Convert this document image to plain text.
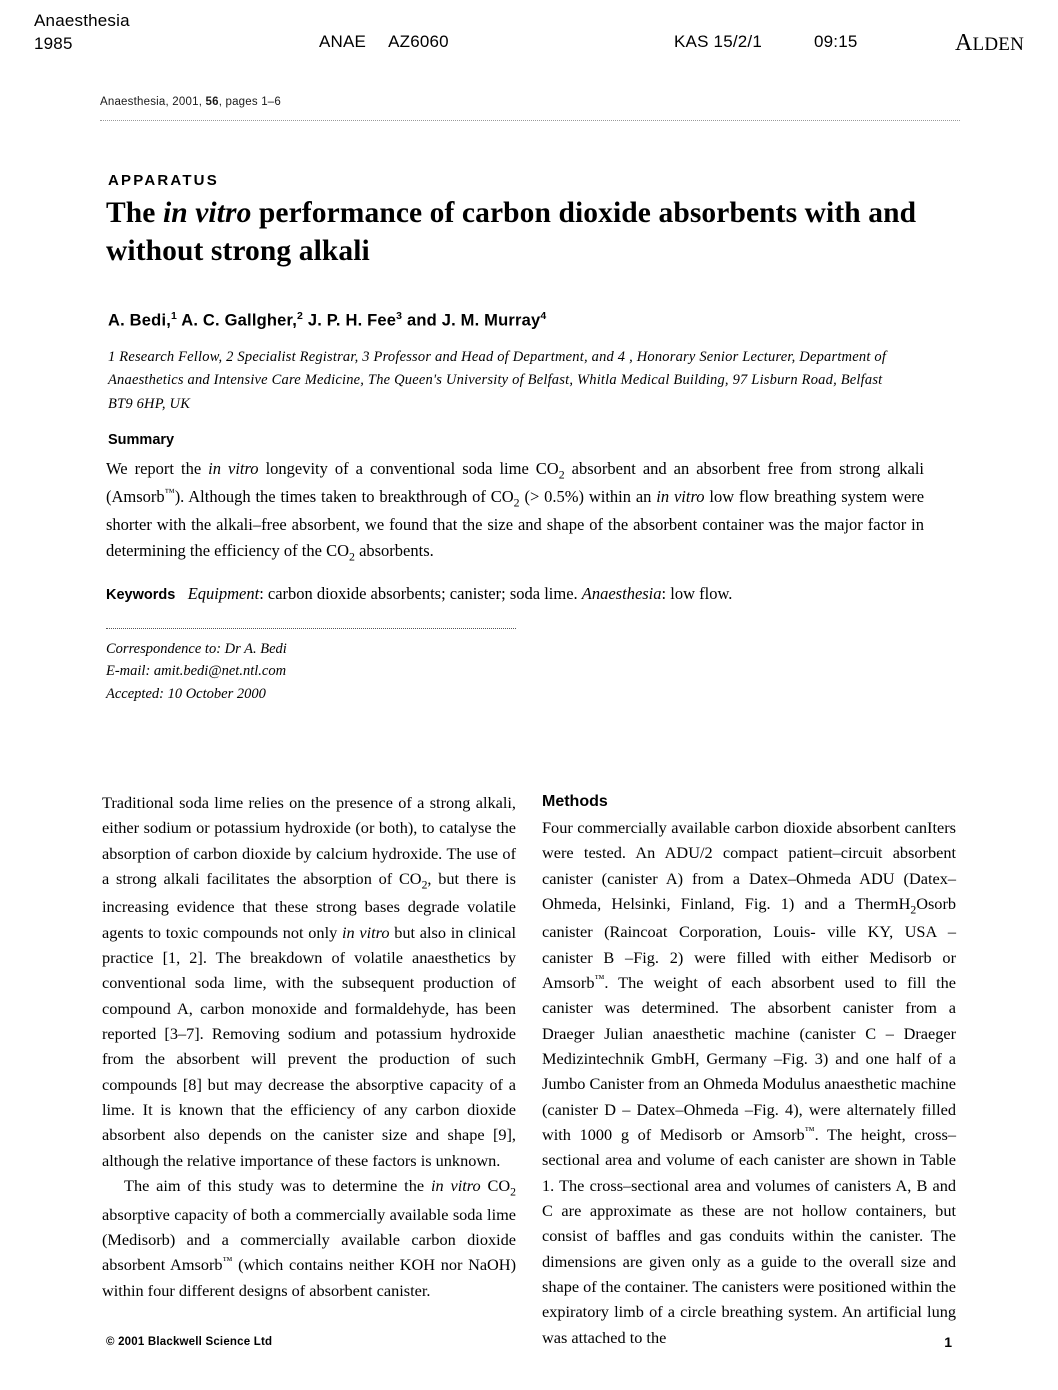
Anaesthesia
1985	ANAE AZ6060	KAS 15/2/1	09:15	ALDEN
Anaesthesia, 2001, 56, pages 1–6
APPARATUS
The in vitro performance of carbon dioxide absorbents with and without strong alkali
A. Bedi,$^1$ A. C. Gallgher,$^2$ J. P. H. Fee$^3$ and J. M. Murray$^4$
1 Research Fellow, 2 Specialist Registrar, 3 Professor and Head of Department, and 4 , Honorary Senior Lecturer, Department of Anaesthetics and Intensive Care Medicine, The Queen's University of Belfast, Whitla Medical Building, 97 Lisburn Road, Belfast BT9 6HP, UK
Summary
We report the in vitro longevity of a conventional soda lime $CO_2$ absorbent and an absorbent free from strong alkali (Amsorb™). Although the times taken to breakthrough of $CO_2$ (> 0.5%) within an in vitro low flow breathing system were shorter with the alkali–free absorbent, we found that the size and shape of the absorbent container was the major factor in determining the efficiency of the $CO_2$ absorbents.
Keywords Equipment: carbon dioxide absorbents; canister; soda lime. Anaesthesia: low flow.
Correspondence to: Dr A. Bedi
E-mail: amit.bedi@net.ntl.com
Accepted: 10 October 2000

Traditional soda lime relies on the presence of a strong alkali, either sodium or potassium hydroxide (or both), to catalyse the absorption of carbon dioxide by calcium hydroxide. The use of a strong alkali facilitates the absorption of $CO_2$, but there is increasing evidence that these strong bases degrade volatile agents to toxic compounds not only in vitro but also in clinical practice [1, 2]. The breakdown of volatile anaesthetics by conventional soda lime, with the subsequent production of compound A, carbon monoxide and formaldehyde, has been reported [3–7]. Removing sodium and potassium hydroxide from the absorbent will prevent the production of such compounds [8] but may decrease the absorptive capacity of a lime. It is known that the efficiency of any carbon dioxide absorbent also depends on the canister size and shape [9], although the relative importance of these factors is unknown.

The aim of this study was to determine the in vitro $CO_2$ absorptive capacity of both a commercially available soda lime (Medisorb) and a commercially available carbon dioxide absorbent Amsorb™ (which contains neither KOH nor NaOH) within four different designs of absorbent canister.

Methods

Four commercially available carbon dioxide absorbent canIters were tested. An ADU/2 compact patient–circuit absorbent canister (canister A) from a Datex–Ohmeda ADU (Datex–Ohmeda, Helsinki, Finland, Fig. 1) and a ThermH$_2$Osorb canister (Raincoat Corporation, Louis- ville KY, USA – canister B –Fig. 2) were filled with either Medisorb or Amsorb™. The weight of each absorbent used to fill the canister was determined. The absorbent canister from a Draeger Julian anaesthetic machine (canister C – Draeger Medizintechnik GmbH, Germany –Fig. 3) and one half of a Jumbo Canister from an Ohmeda Modulus anaesthetic machine (canister D – Datex–Ohmeda –Fig. 4), were alternately filled with 1000 g of Medisorb or Amsorb™. The height, cross–sectional area and volume of each canister are shown in Table 1. The cross–sectional area and volumes of canisters A, B and C are approximate as these are not hollow containers, but consist of baffles and gas conduits within the canister. The dimensions are given only as a guide to the overall size and shape of the container. The canisters were positioned within the expiratory limb of a circle breathing system. An artificial lung was attached to the

© 2001 Blackwell Science Ltd	1
